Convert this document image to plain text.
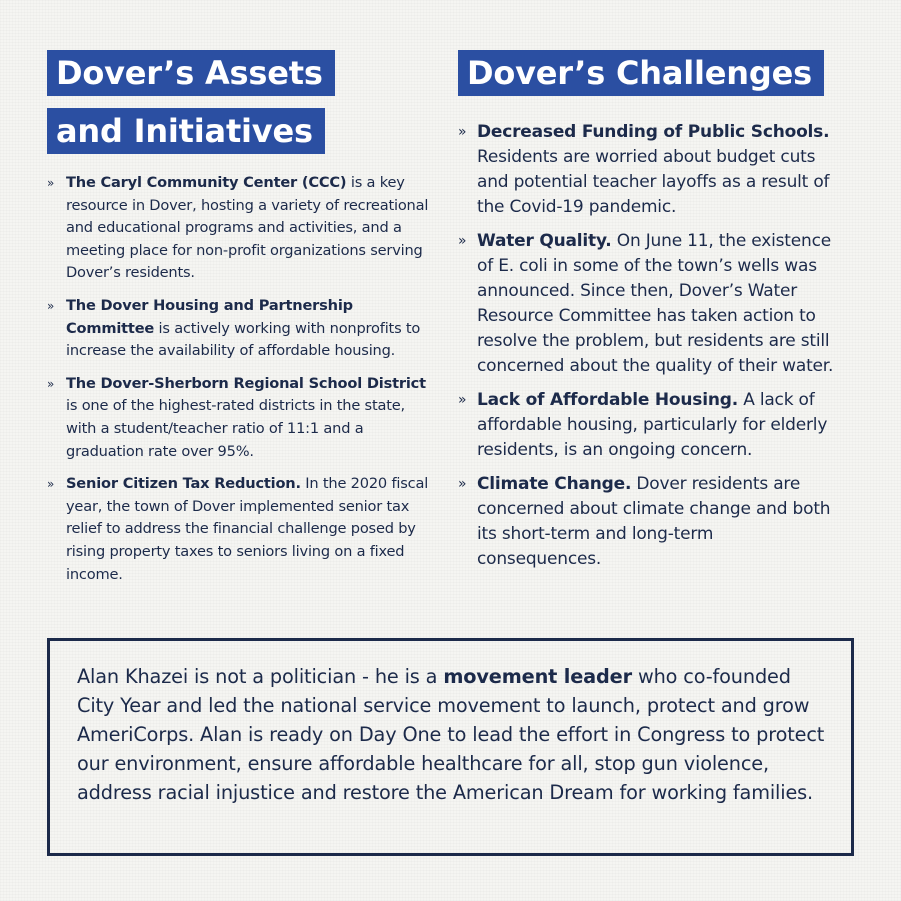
Dover’s Assets
and Initiatives
» The Caryl Community Center (CCC) is a key resource in Dover, hosting a variety of recreational and educational programs and activities, and a meeting place for non-profit organizations serving Dover’s residents.
» The Dover Housing and Partnership Committee is actively working with nonprofits to increase the availability of affordable housing.
» The Dover-Sherborn Regional School District is one of the highest-rated districts in the state, with a student/teacher ratio of 11:1 and a graduation rate over 95%.
» Senior Citizen Tax Reduction. In the 2020 fiscal year, the town of Dover implemented senior tax relief to address the financial challenge posed by rising property taxes to seniors living on a fixed income.
Dover’s Challenges
» Decreased Funding of Public Schools. Residents are worried about budget cuts and potential teacher layoffs as a result of the Covid-19 pandemic.
» Water Quality. On June 11, the existence of E. coli in some of the town’s wells was announced. Since then, Dover’s Water Resource Committee has taken action to resolve the problem, but residents are still concerned about the quality of their water.
» Lack of Affordable Housing. A lack of affordable housing, particularly for elderly residents, is an ongoing concern.
» Climate Change. Dover residents are concerned about climate change and both its short-term and long-term consequences.
Alan Khazei is not a politician - he is a movement leader who co-founded City Year and led the national service movement to launch, protect and grow AmeriCorps. Alan is ready on Day One to lead the effort in Congress to protect our environment, ensure affordable healthcare for all, stop gun violence, address racial injustice and restore the American Dream for working families.
